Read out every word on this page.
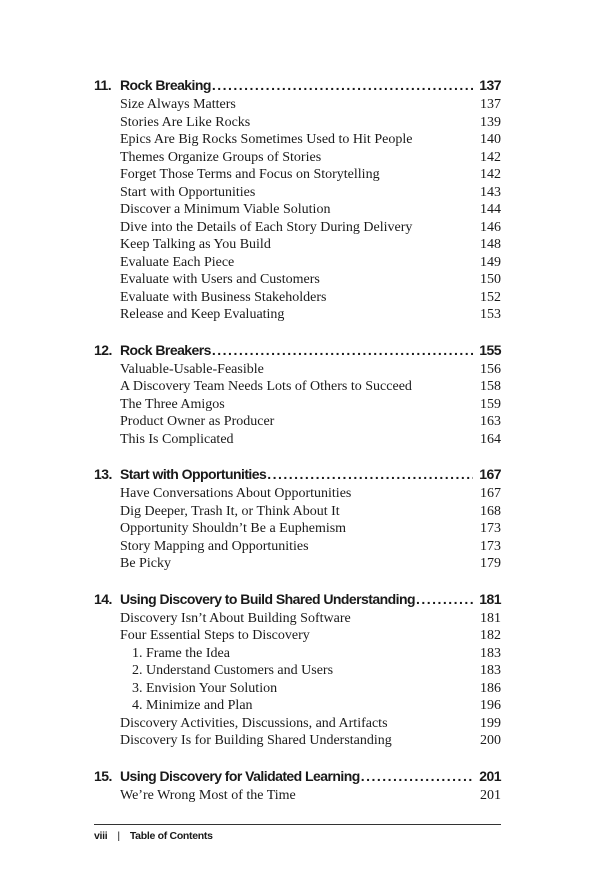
11. Rock Breaking . . .	137
Size Always Matters	137
Stories Are Like Rocks	139
Epics Are Big Rocks Sometimes Used to Hit People	140
Themes Organize Groups of Stories	142
Forget Those Terms and Focus on Storytelling	142
Start with Opportunities	143
Discover a Minimum Viable Solution	144
Dive into the Details of Each Story During Delivery	146
Keep Talking as You Build	148
Evaluate Each Piece	149
Evaluate with Users and Customers	150
Evaluate with Business Stakeholders	152
Release and Keep Evaluating	153
12. Rock Breakers . . .	155
Valuable-Usable-Feasible	156
A Discovery Team Needs Lots of Others to Succeed	158
The Three Amigos	159
Product Owner as Producer	163
This Is Complicated	164
13. Start with Opportunities . . .	167
Have Conversations About Opportunities	167
Dig Deeper, Trash It, or Think About It	168
Opportunity Shouldn’t Be a Euphemism	173
Story Mapping and Opportunities	173
Be Picky	179
14. Using Discovery to Build Shared Understanding . . .	181
Discovery Isn’t About Building Software	181
Four Essential Steps to Discovery	182
1. Frame the Idea	183
2. Understand Customers and Users	183
3. Envision Your Solution	186
4. Minimize and Plan	196
Discovery Activities, Discussions, and Artifacts	199
Discovery Is for Building Shared Understanding	200
15. Using Discovery for Validated Learning . . .	201
We’re Wrong Most of the Time	201
viii | Table of Contents
